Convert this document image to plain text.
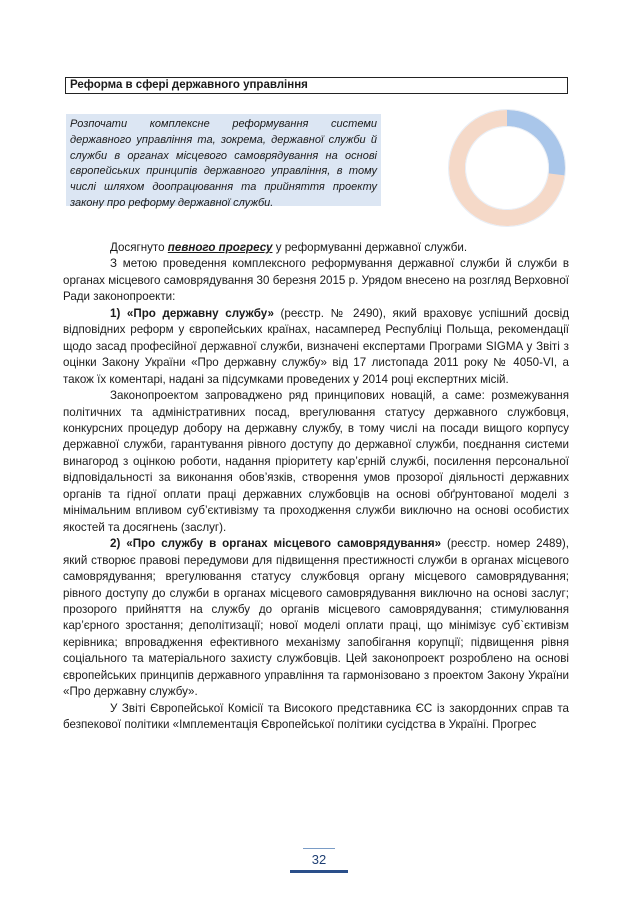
Реформа в сфері державного управління
Розпочати комплексне реформування системи державного управління та, зокрема, державної служби й служби в органах місцевого самоврядування на основі європейських принципів державного управління, в тому числі шляхом доопрацювання та прийняття проекту закону про реформу державної служби.

Досягнуто певного прогресу у реформуванні державної служби.

З метою проведення комплексного реформування державної служби й служби в органах місцевого самоврядування 30 березня 2015 р. Урядом внесено на розгляд Верховної Ради законопроекти:

1) «Про державну службу» (реєстр. № 2490), який враховує успішний досвід відповідних реформ у європейських країнах, насамперед Республіці Польща, рекомендації щодо засад професійної державної служби, визначені експертами Програми SIGMA у Звіті з оцінки Закону України «Про державну службу» від 17 листопада 2011 року № 4050-VI, а також їх коментарі, надані за підсумками проведених у 2014 році експертних місій.

Законопроектом запроваджено ряд принципових новацій, а саме: розмежування політичних та адміністративних посад, врегулювання статусу державного службовця, конкурсних процедур добору на державну службу, в тому числі на посади вищого корпусу державної служби, гарантування рівного доступу до державної служби, поєднання системи винагород з оцінкою роботи, надання пріоритету кар’єрній службі, посилення персональної відповідальності за виконання обов’язків, створення умов прозорої діяльності державних органів та гідної оплати праці державних службовців на основі обґрунтованої моделі з мінімальним впливом суб’єктивізму та проходження служби виключно на основі особистих якостей та досягнень (заслуг).

2) «Про службу в органах місцевого самоврядування» (реєстр. номер 2489), який створює правові передумови для підвищення престижності служби в органах місцевого самоврядування; врегулювання статусу службовця органу місцевого самоврядування; рівного доступу до служби в органах місцевого самоврядування виключно на основі заслуг; прозорого прийняття на службу до органів місцевого самоврядування; стимулювання кар’єрного зростання; деполітизації; нової моделі оплати праці, що мінімізує суб`єктивізм керівника; впровадження ефективного механізму запобігання корупції; підвищення рівня соціального та матеріального захисту службовців. Цей законопроект розроблено на основі європейських принципів державного управління та гармонізовано з проектом Закону України «Про державну службу».

У Звіті Європейської Комісії та Високого представника ЄС із закордонних справ та безпекової політики «Імплементація Європейської політики сусідства в Україні. Прогрес

32
